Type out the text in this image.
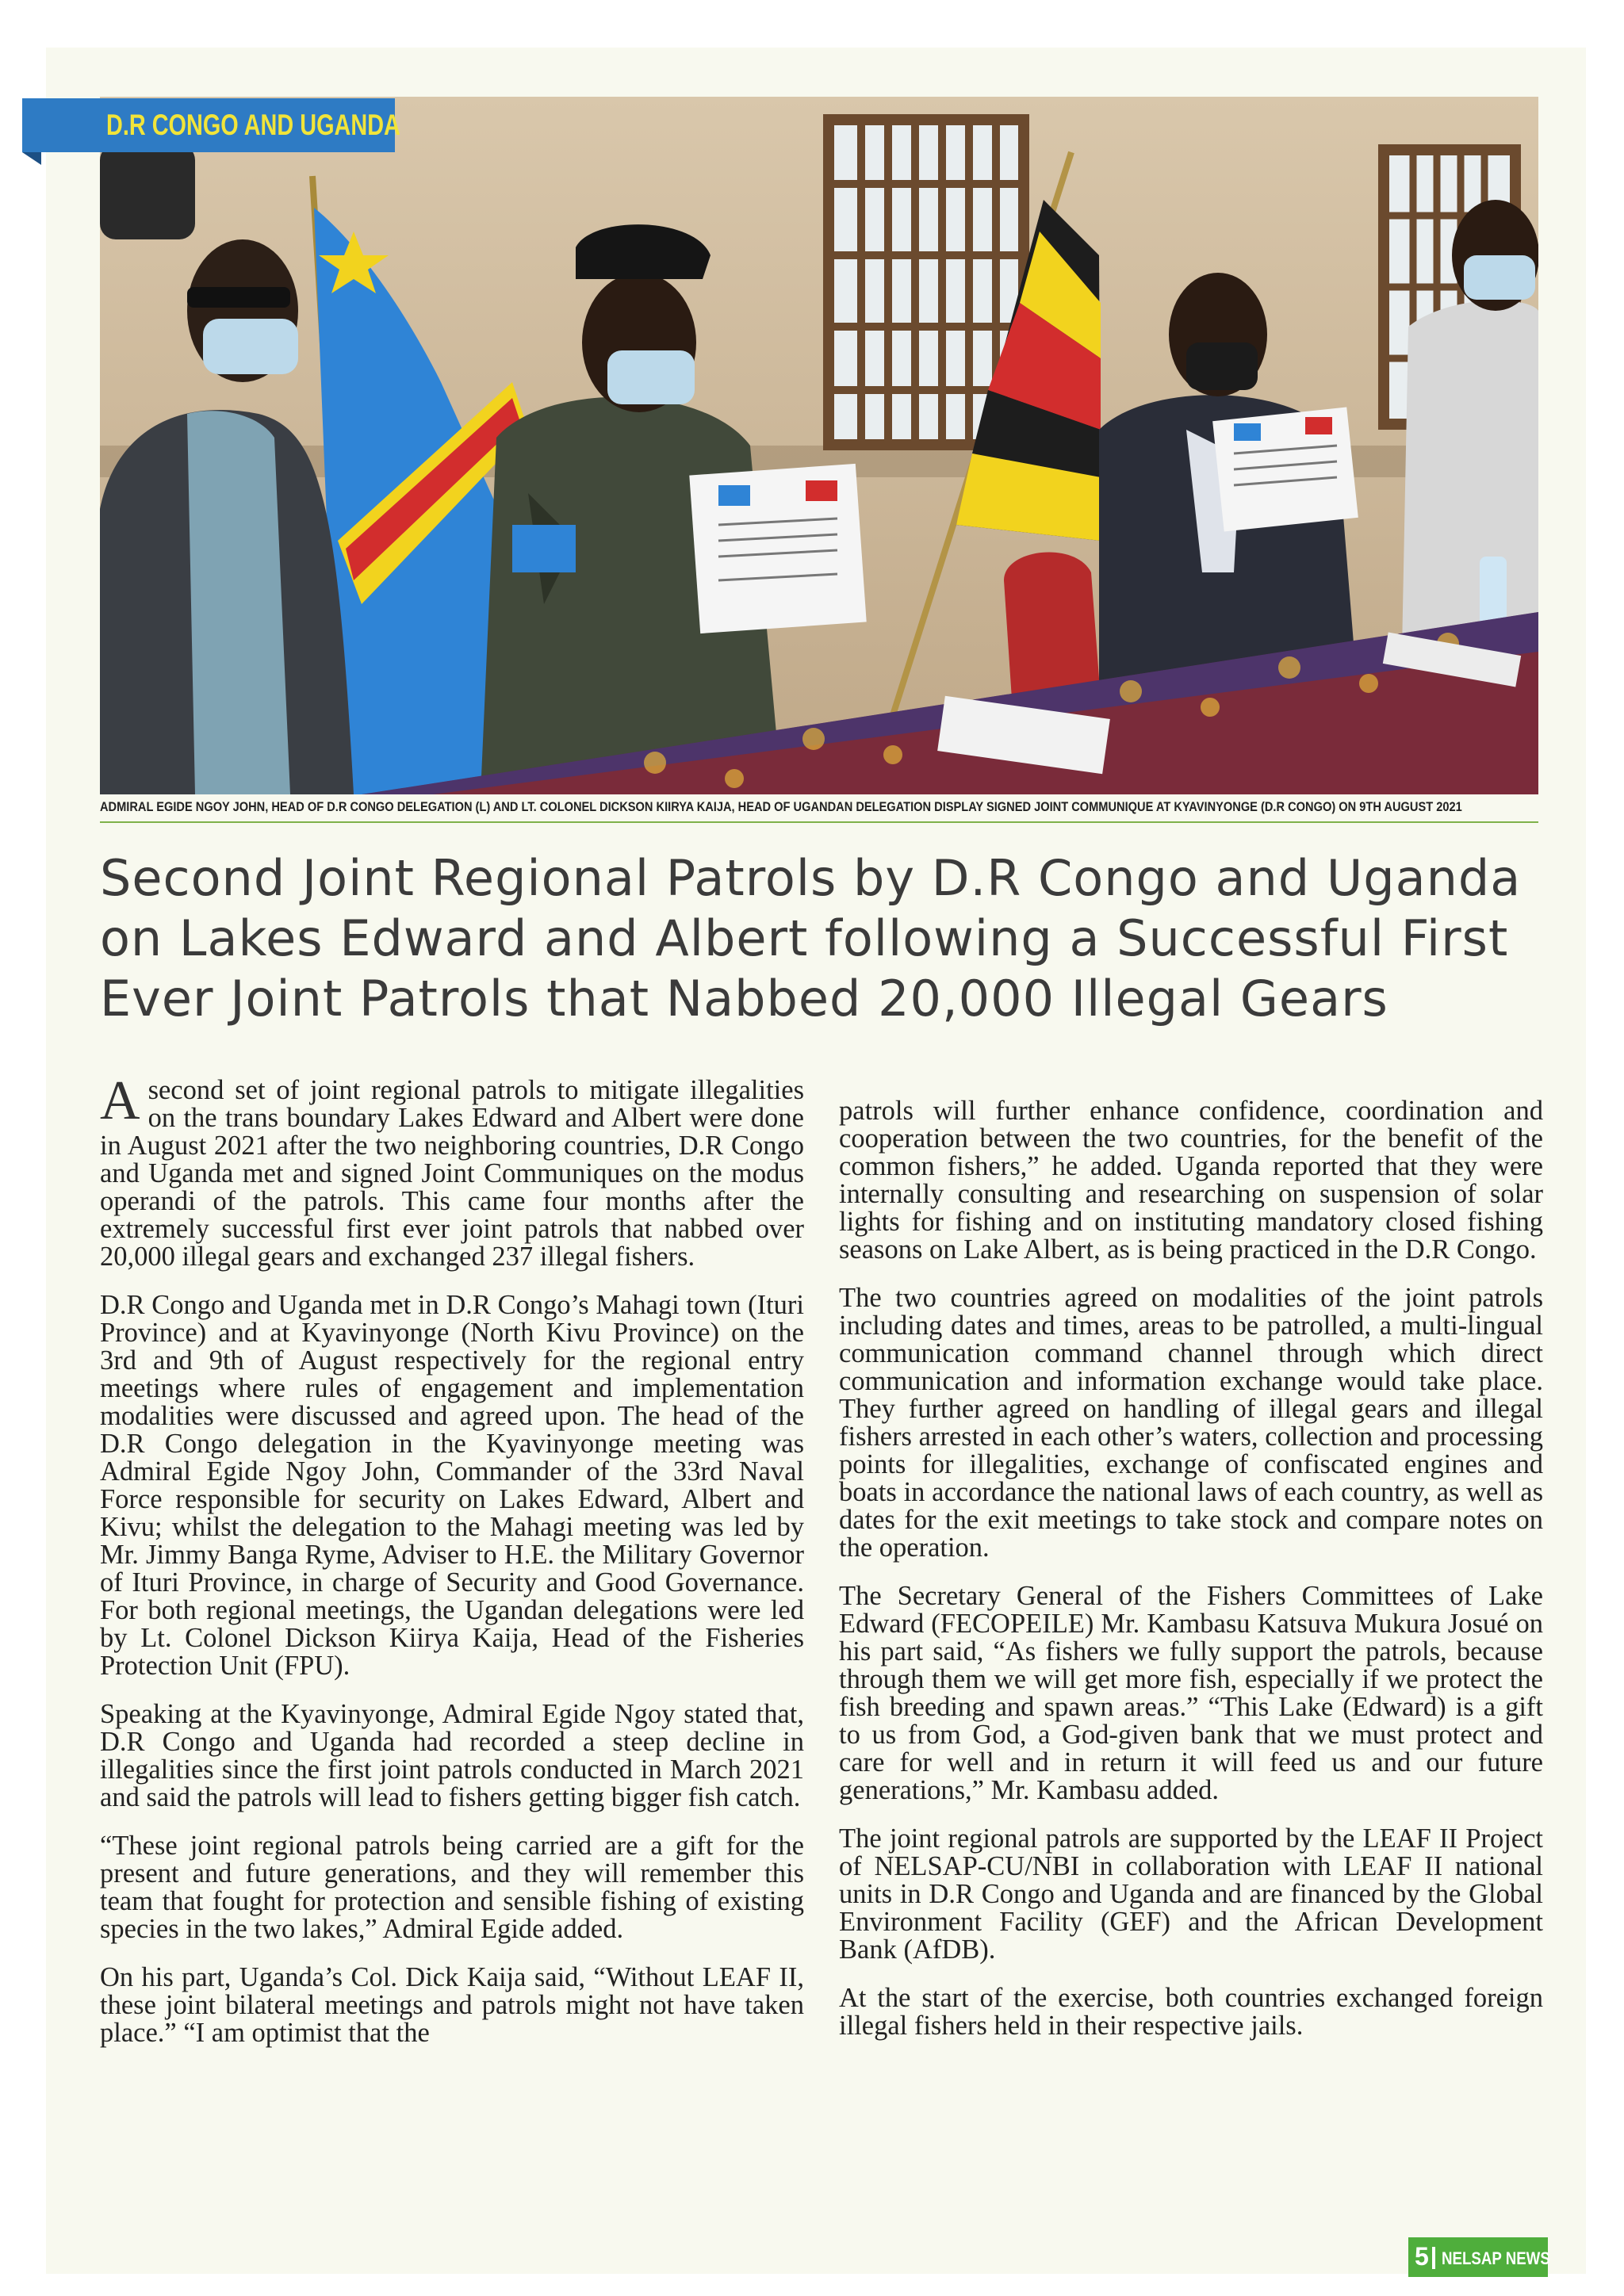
D.R CONGO AND UGANDA
ADMIRAL EGIDE NGOY JOHN, HEAD OF D.R CONGO DELEGATION (L) AND LT. COLONEL DICKSON KIIRYA KAIJA, HEAD OF UGANDAN DELEGATION DISPLAY SIGNED JOINT COMMUNIQUE AT KYAVINYONGE (D.R CONGO) ON 9TH AUGUST 2021
Second Joint Regional Patrols by D.R Congo and Uganda on Lakes Edward and Albert following a Successful First Ever Joint Patrols that Nabbed 20,000 Illegal Gears

Asecond set of joint regional patrols to mitigate illegalities on the trans boundary Lakes Edward and Albert were done in August 2021 after the two neighboring countries, D.R Congo and Uganda met and signed Joint Communiques on the modus operandi of the patrols. This came four months after the extremely successful first ever joint patrols that nabbed over 20,000 illegal gears and exchanged 237 illegal fishers.

D.R Congo and Uganda met in D.R Congo’s Mahagi town (Ituri Province) and at Kyavinyonge (North Kivu Province) on the 3rd and 9th of August respectively for the regional entry meetings where rules of engagement and implementation modalities were discussed and agreed upon. The head of the D.R Congo delegation in the Kyavinyonge meeting was Admiral Egide Ngoy John, Commander of the 33rd Naval Force responsible for security on Lakes Edward, Albert and Kivu; whilst the delegation to the Mahagi meeting was led by Mr. Jimmy Banga Ryme, Adviser to H.E. the Military Governor of Ituri Province, in charge of Security and Good Governance. For both regional meetings, the Ugandan delegations were led by Lt. Colonel Dickson Kiirya Kaija, Head of the Fisheries Protection Unit (FPU).

Speaking at the Kyavinyonge, Admiral Egide Ngoy stated that, D.R Congo and Uganda had recorded a steep decline in illegalities since the first joint patrols conducted in March 2021 and said the patrols will lead to fishers getting bigger fish catch.

“These joint regional patrols being carried are a gift for the present and future generations, and they will remember this team that fought for protection and sensible fishing of existing species in the two lakes,” Admiral Egide added.

On his part, Uganda’s Col. Dick Kaija said, “Without LEAF II, these joint bilateral meetings and patrols might not have taken place.” “I am optimist that the

patrols will further enhance confidence, coordination and cooperation between the two countries, for the benefit of the common fishers,” he added. Uganda reported that they were internally consulting and researching on suspension of solar lights for fishing and on instituting mandatory closed fishing seasons on Lake Albert, as is being practiced in the D.R Congo.

The two countries agreed on modalities of the joint patrols including dates and times, areas to be patrolled, a multi-lingual communication command channel through which direct communication and information exchange would take place. They further agreed on handling of illegal gears and illegal fishers arrested in each other’s waters, collection and processing points for illegalities, exchange of confiscated engines and boats in accordance the national laws of each country, as well as dates for the exit meetings to take stock and compare notes on the operation.

The Secretary General of the Fishers Committees of Lake Edward (FECOPEILE) Mr. Kambasu Katsuva Mukura Josué on his part said, “As fishers we fully support the patrols, because through them we will get more fish, especially if we protect the fish breeding and spawn areas.” “This Lake (Edward) is a gift to us from God, a God-given bank that we must protect and care for well and in return it will feed us and our future generations,” Mr. Kambasu added.

The joint regional patrols are supported by the LEAF II Project of NELSAP-CU/NBI in collaboration with LEAF II national units in D.R Congo and Uganda and are financed by the Global Environment Facility (GEF) and the African Development Bank (AfDB).

At the start of the exercise, both countries exchanged foreign illegal fishers held in their respective jails.

5 NELSAP NEWS
